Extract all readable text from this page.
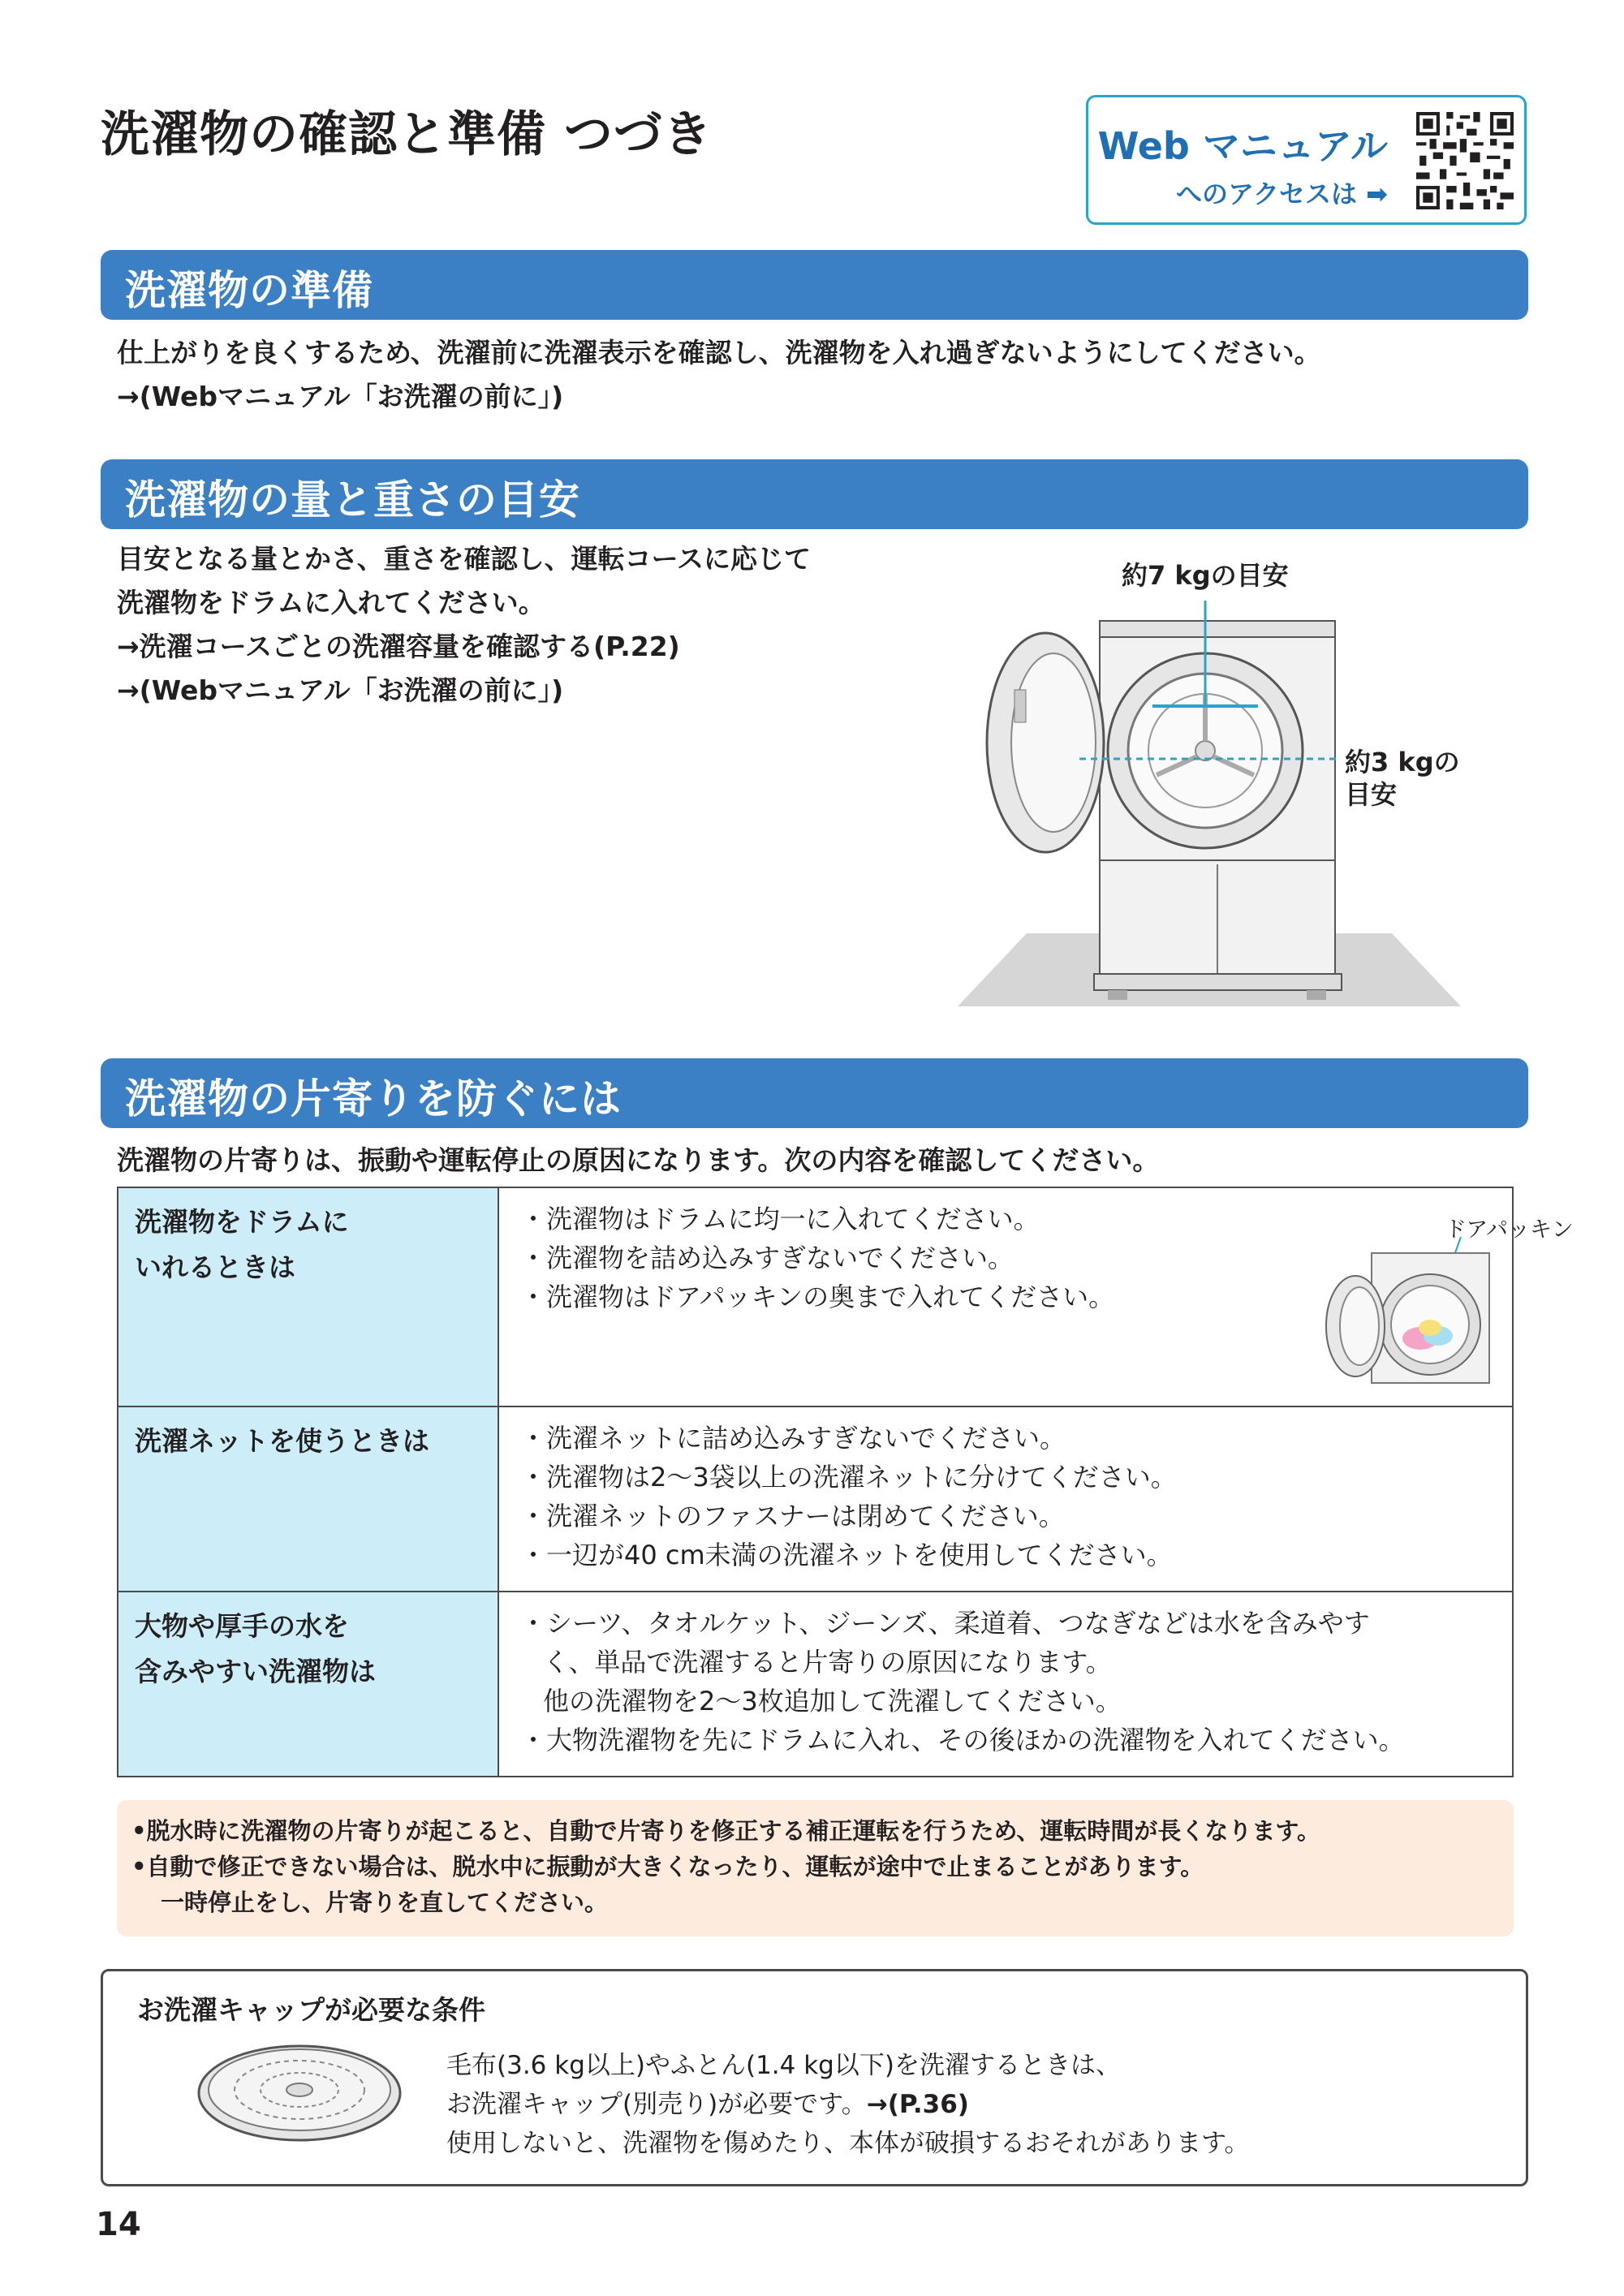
洗濯物の確認と準備 つづき	Web マニュアル
へのアクセスは ➡
洗濯物の準備
仕上がりを良くするため、洗濯前に洗濯表示を確認し、洗濯物を入れ過ぎないようにしてください。
→(Webマニュアル「お洗濯の前に」)
洗濯物の量と重さの目安
目安となる量とかさ、重さを確認し、運転コースに応じて
洗濯物をドラムに入れてください。
→洗濯コースごとの洗濯容量を確認する(P.22)
→(Webマニュアル「お洗濯の前に」)
約7 kgの目安
約3 kgの
目安
洗濯物の片寄りを防ぐには
洗濯物の片寄りは、振動や運転停止の原因になります。次の内容を確認してください。
洗濯物をドラムに
いれるときは
・洗濯物はドラムに均一に入れてください。
・洗濯物を詰め込みすぎないでください。
・洗濯物はドアパッキンの奥まで入れてください。
ドアパッキン
洗濯ネットを使うときは	・洗濯ネットに詰め込みすぎないでください。
・洗濯物は2〜3袋以上の洗濯ネットに分けてください。
・洗濯ネットのファスナーは閉めてください。
・一辺が40 cm未満の洗濯ネットを使用してください。
大物や厚手の水を
含みやすい洗濯物は
・シーツ、タオルケット、ジーンズ、柔道着、つなぎなどは水を含みやす
く、単品で洗濯すると片寄りの原因になります。
他の洗濯物を2〜3枚追加して洗濯してください。
・大物洗濯物を先にドラムに入れ、その後ほかの洗濯物を入れてください。
•脱水時に洗濯物の片寄りが起こると、自動で片寄りを修正する補正運転を行うため、運転時間が長くなります。
•自動で修正できない場合は、脱水中に振動が大きくなったり、運転が途中で止まることがあります。
一時停止をし、片寄りを直してください。
お洗濯キャップが必要な条件
毛布(3.6 kg以上)やふとん(1.4 kg以下)を洗濯するときは、
お洗濯キャップ(別売り)が必要です。→(P.36)
使用しないと、洗濯物を傷めたり、本体が破損するおそれがあります。
14
